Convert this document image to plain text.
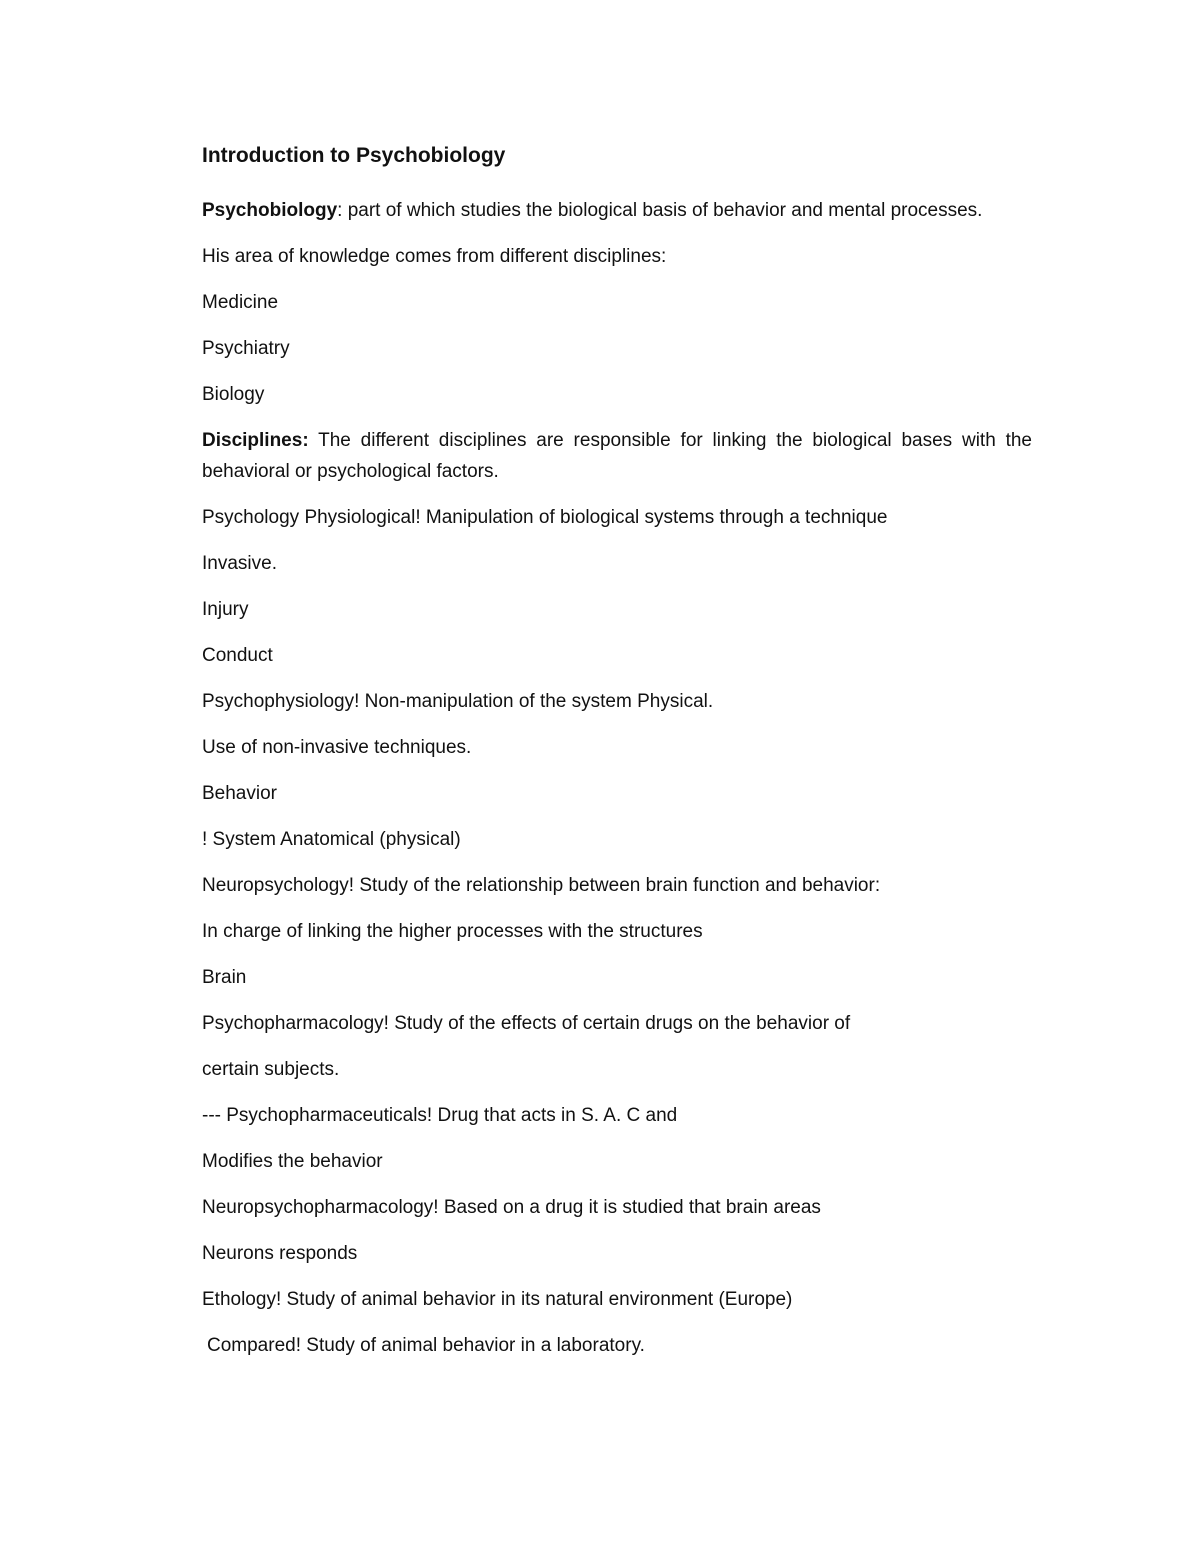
Introduction to Psychobiology

Psychobiology: part of which studies the biological basis of behavior and mental processes.

His area of knowledge comes from different disciplines:

Medicine

Psychiatry

Biology

Disciplines: The different disciplines are responsible for linking the biological bases with the behavioral or psychological factors.

Psychology Physiological! Manipulation of biological systems through a technique

Invasive.

Injury

Conduct

Psychophysiology! Non-manipulation of the system Physical.

Use of non-invasive techniques.

Behavior

! System Anatomical (physical)

Neuropsychology! Study of the relationship between brain function and behavior:

In charge of linking the higher processes with the structures

Brain

Psychopharmacology! Study of the effects of certain drugs on the behavior of

certain subjects.

--- Psychopharmaceuticals! Drug that acts in S. A. C and

Modifies the behavior

Neuropsychopharmacology! Based on a drug it is studied that brain areas

Neurons responds

Ethology! Study of animal behavior in its natural environment (Europe)

Compared! Study of animal behavior in a laboratory.
